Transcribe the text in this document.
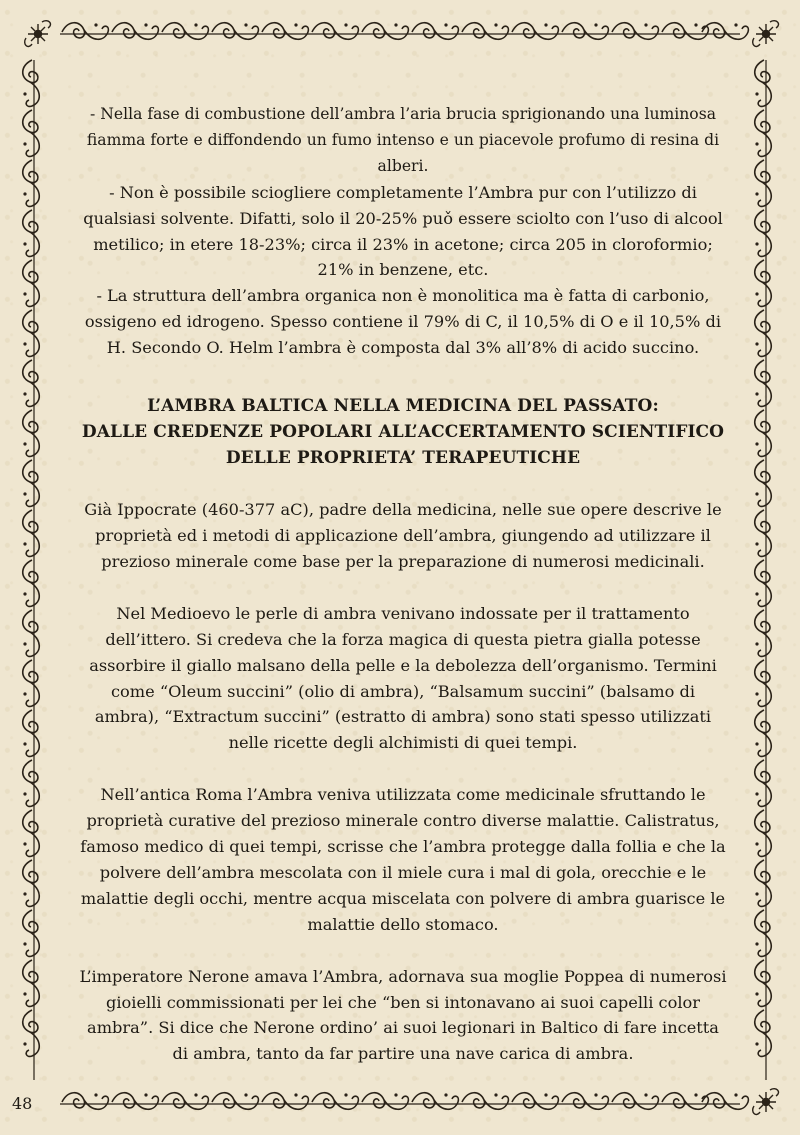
- Nella fase di combustione dell’ambra l’aria brucia sprigionando una luminosa fiamma forte e diffondendo un fumo intenso e un piacevole profumo di resina di alberi.

- Non è possibile sciogliere completamente l’Ambra pur con l’utilizzo di qualsiasi solvente. Difatti, solo il 20-25% puǒ essere sciolto con l’uso di alcool metilico; in etere 18-23%; circa il 23% in acetone; circa 205 in cloroformio; 21% in benzene, etc.

- La struttura dell’ambra organica non è monolitica ma è fatta di carbonio, ossigeno ed idrogeno. Spesso contiene il 79% di C, il 10,5% di O e il 10,5% di H. Secondo O. Helm l’ambra è composta dal 3% all’8% di acido succino.

L’AMBRA BALTICA NELLA MEDICINA DEL PASSATO:
DALLE CREDENZE POPOLARI ALL’ACCERTAMENTO SCIENTIFICO
DELLE PROPRIETA’ TERAPEUTICHE

Già Ippocrate (460-377 aC), padre della medicina, nelle sue opere descrive le proprietà ed i metodi di applicazione dell’ambra, giungendo ad utilizzare il prezioso minerale come base per la preparazione di numerosi medicinali.

Nel Medioevo le perle di ambra venivano indossate per il trattamento dell’ittero. Si credeva che la forza magica di questa pietra gialla potesse assorbire il giallo malsano della pelle e la debolezza dell’organismo. Termini come “Oleum succini” (olio di ambra), “Balsamum succini” (balsamo di ambra), “Extractum succini” (estratto di ambra) sono stati spesso utilizzati nelle ricette degli alchimisti di quei tempi.

Nell’antica Roma l’Ambra veniva utilizzata come medicinale sfruttando le proprietà curative del prezioso minerale contro diverse malattie. Calistratus, famoso medico di quei tempi, scrisse che l’ambra protegge dalla follia e che la polvere dell’ambra mescolata con il miele cura i mal di gola, orecchie e le malattie degli occhi, mentre acqua miscelata con polvere di ambra guarisce le malattie dello stomaco.

L’imperatore Nerone amava l’Ambra, adornava sua moglie Poppea di numerosi gioielli commissionati per lei che “ben si intonavano ai suoi capelli color ambra”. Si dice che Nerone ordino’ ai suoi legionari in Baltico di fare incetta di ambra, tanto da far partire una nave carica di ambra.

48
